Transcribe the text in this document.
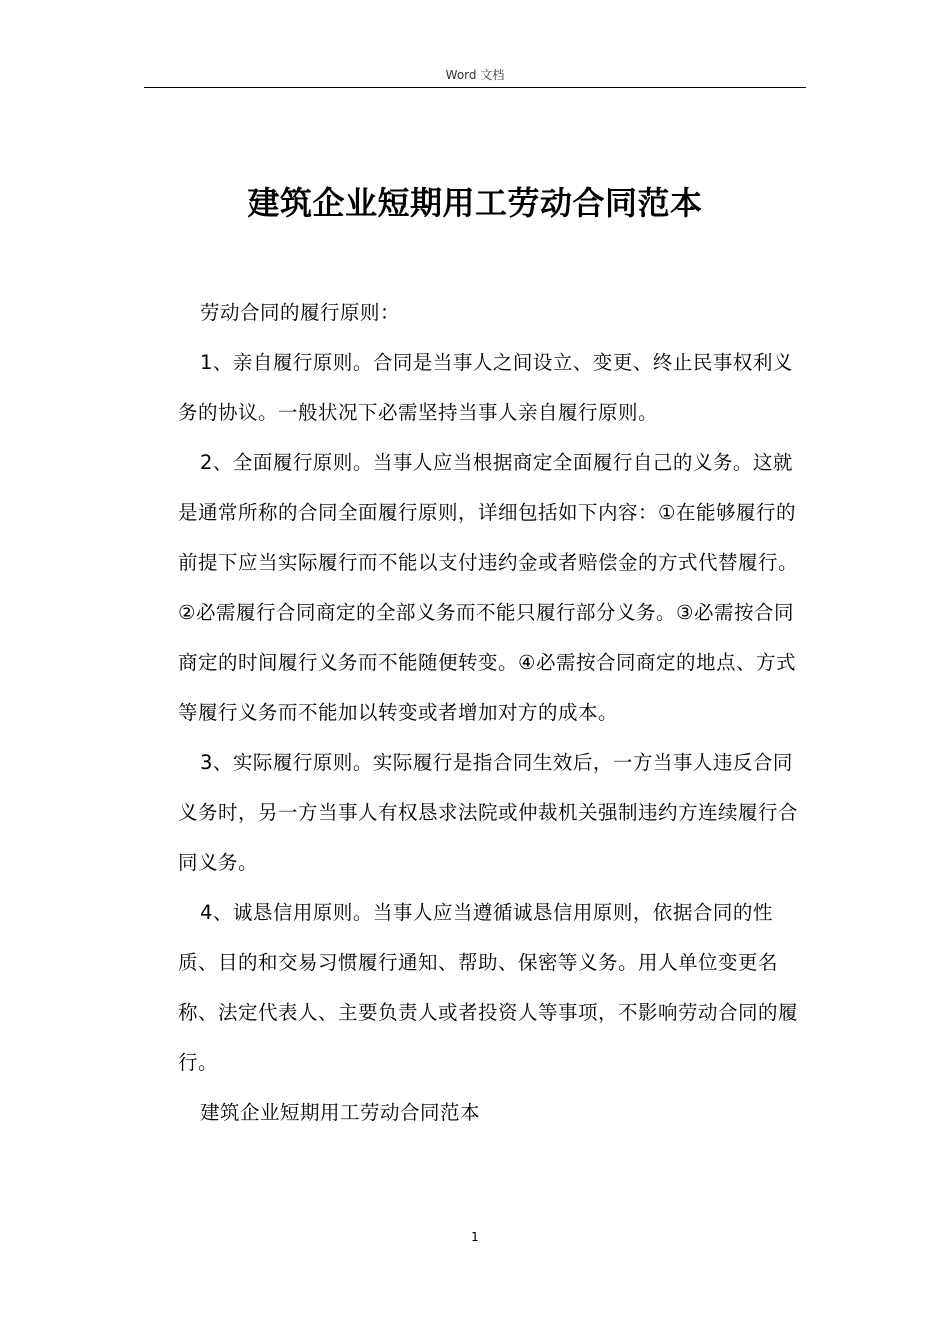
Word 文档
建筑企业短期用工劳动合同范本

劳动合同的履行原则：

1、亲自履行原则。合同是当事人之间设立、变更、终止民事权利义务的协议。一般状况下必需坚持当事人亲自履行原则。

2、全面履行原则。当事人应当根据商定全面履行自己的义务。这就是通常所称的合同全面履行原则，详细包括如下内容：①在能够履行的前提下应当实际履行而不能以支付违约金或者赔偿金的方式代替履行。②必需履行合同商定的全部义务而不能只履行部分义务。③必需按合同商定的时间履行义务而不能随便转变。④必需按合同商定的地点、方式等履行义务而不能加以转变或者增加对方的成本。

3、实际履行原则。实际履行是指合同生效后，一方当事人违反合同义务时，另一方当事人有权恳求法院或仲裁机关强制违约方连续履行合同义务。

4、诚恳信用原则。当事人应当遵循诚恳信用原则，依据合同的性质、目的和交易习惯履行通知、帮助、保密等义务。用人单位变更名称、法定代表人、主要负责人或者投资人等事项，不影响劳动合同的履行。

建筑企业短期用工劳动合同范本

1
